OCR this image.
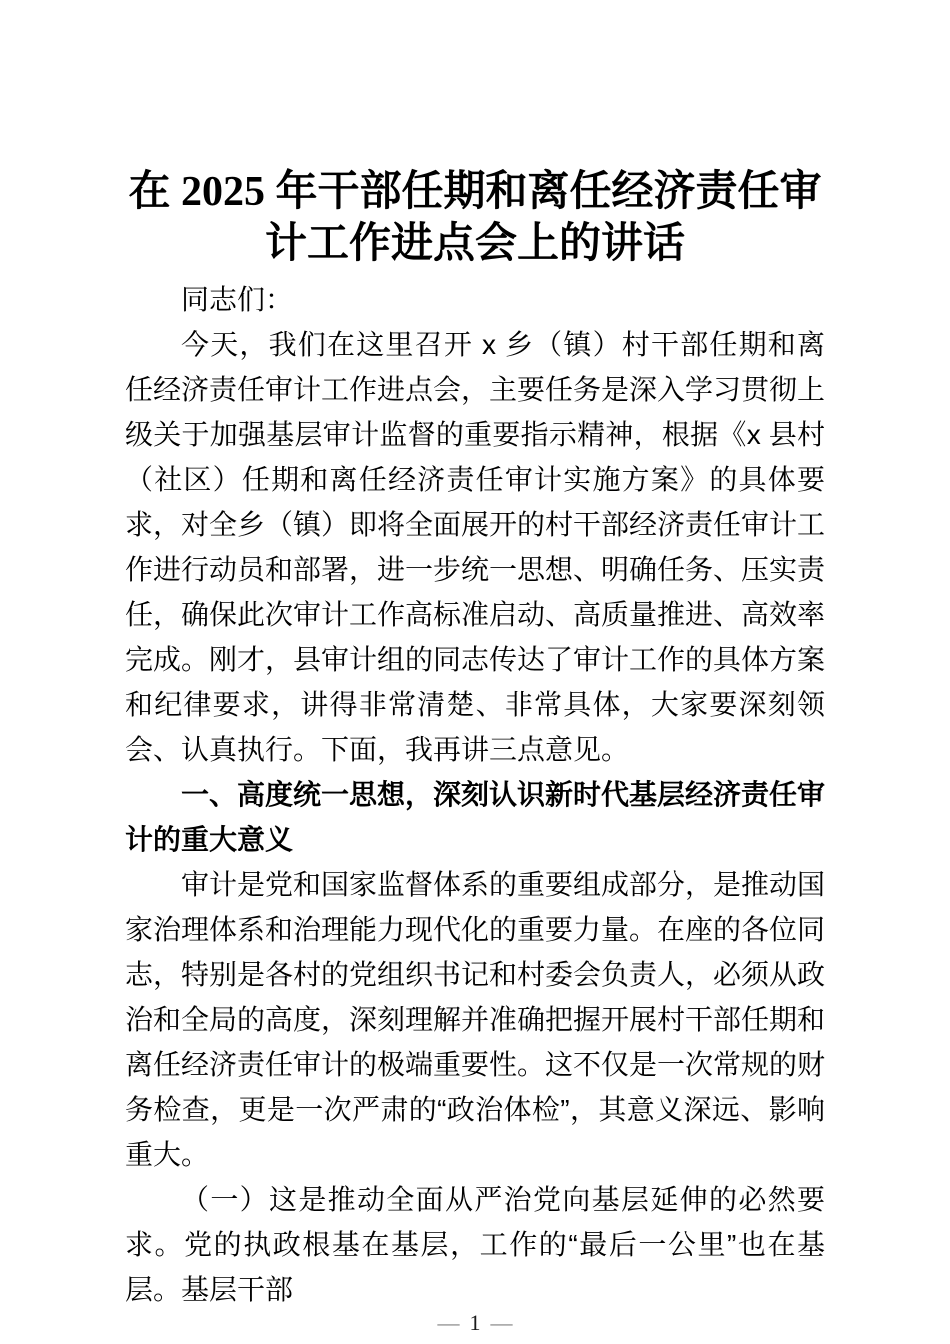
在 2025 年干部任期和离任经济责任审计工作进点会上的讲话

同志们：

今天，我们在这里召开 x 乡（镇）村干部任期和离任经济责任审计工作进点会，主要任务是深入学习贯彻上级关于加强基层审计监督的重要指示精神，根据《x 县村（社区）任期和离任经济责任审计实施方案》的具体要求，对全乡（镇）即将全面展开的村干部经济责任审计工作进行动员和部署，进一步统一思想、明确任务、压实责任，确保此次审计工作高标准启动、高质量推进、高效率完成。刚才，县审计组的同志传达了审计工作的具体方案和纪律要求，讲得非常清楚、非常具体，大家要深刻领会、认真执行。下面，我再讲三点意见。

一、高度统一思想，深刻认识新时代基层经济责任审计的重大意义

审计是党和国家监督体系的重要组成部分，是推动国家治理体系和治理能力现代化的重要力量。在座的各位同志，特别是各村的党组织书记和村委会负责人，必须从政治和全局的高度，深刻理解并准确把握开展村干部任期和离任经济责任审计的极端重要性。这不仅是一次常规的财务检查，更是一次严肃的“政治体检”，其意义深远、影响重大。

（一）这是推动全面从严治党向基层延伸的必然要求。党的执政根基在基层，工作的“最后一公里”也在基层。基层干部

— 1 —
